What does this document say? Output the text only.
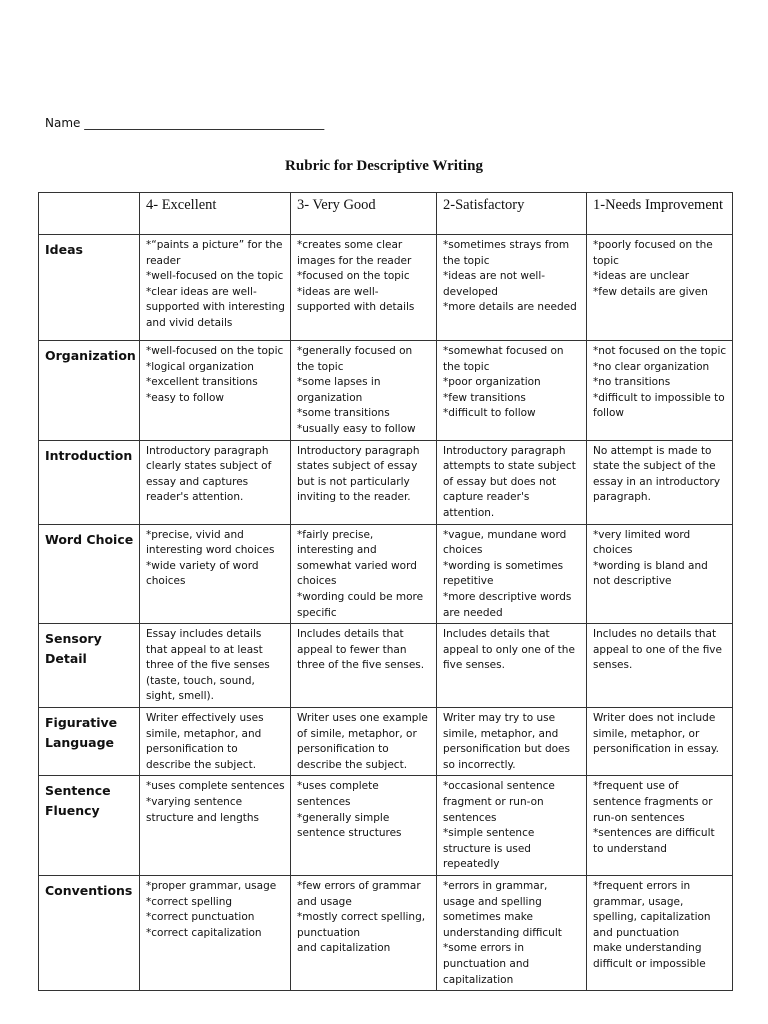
Name ________________________________________
Rubric for Descriptive Writing
	4- Excellent	3- Very Good	2-Satisfactory	1-Needs Improvement
Ideas	*“paints a picture” for the reader
*well-focused on the topic
*clear ideas are well-supported with interesting and vivid details	*creates some clear images for the reader
*focused on the topic
*ideas are well-supported with details	*sometimes strays from the topic
*ideas are not well-developed
*more details are needed	*poorly focused on the topic
*ideas are unclear
*few details are given
Organization	*well-focused on the topic
*logical organization
*excellent transitions
*easy to follow	*generally focused on the topic
*some lapses in organization
*some transitions
*usually easy to follow	*somewhat focused on the topic
*poor organization
*few transitions
*difficult to follow	*not focused on the topic
*no clear organization
*no transitions
*difficult to impossible to follow
Introduction	Introductory paragraph clearly states subject of essay and captures reader's attention.	Introductory paragraph states subject of essay but is not particularly inviting to the reader.	Introductory paragraph attempts to state subject of essay but does not capture reader's attention.	No attempt is made to state the subject of the essay in an introductory paragraph.
Word Choice	*precise, vivid and interesting word choices
*wide variety of word choices	*fairly precise, interesting and somewhat varied word choices
*wording could be more specific	*vague, mundane word choices
*wording is sometimes repetitive
*more descriptive words are needed	*very limited word choices
*wording is bland and not descriptive
Sensory Detail	Essay includes details that appeal to at least three of the five senses (taste, touch, sound, sight, smell).	Includes details that appeal to fewer than three of the five senses.	Includes details that appeal to only one of the five senses.	Includes no details that appeal to one of the five senses.
Figurative Language	Writer effectively uses simile, metaphor, and personification to describe the subject.	Writer uses one example of simile, metaphor, or personification to describe the subject.	Writer may try to use simile, metaphor, and personification but does so incorrectly.	Writer does not include simile, metaphor, or personification in essay.
Sentence Fluency	*uses complete sentences
*varying sentence structure and lengths	*uses complete sentences
*generally simple sentence structures	*occasional sentence fragment or run-on sentences
*simple sentence structure is used repeatedly	*frequent use of sentence fragments or run-on sentences
*sentences are difficult to understand
Conventions	*proper grammar, usage
*correct spelling
*correct punctuation
*correct capitalization	*few errors of grammar and usage
*mostly correct spelling, punctuation
and capitalization	*errors in grammar, usage and spelling sometimes make understanding difficult
*some errors in punctuation and capitalization	*frequent errors in grammar, usage, spelling, capitalization and punctuation
make understanding difficult or impossible
